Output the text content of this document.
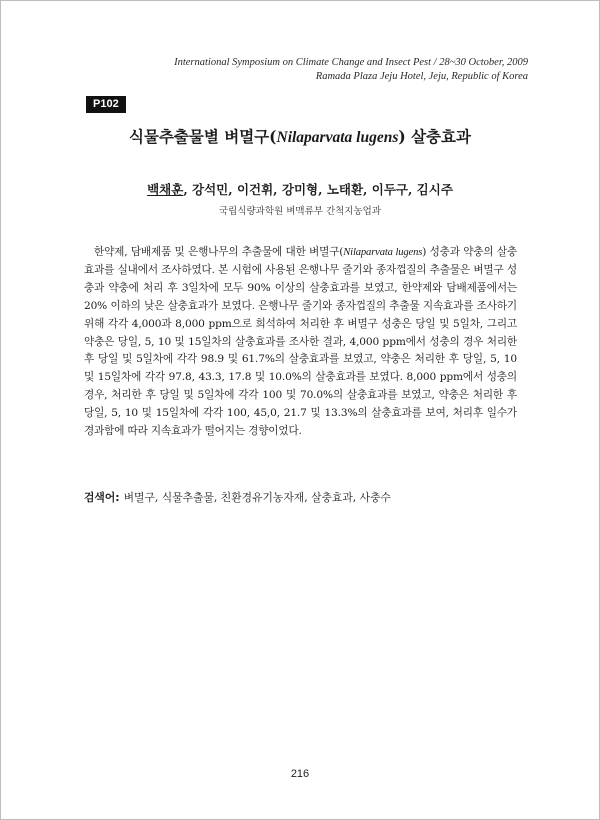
International Symposium on Climate Change and Insect Pest / 28~30 October, 2009
Ramada Plaza Jeju Hotel, Jeju, Republic of Korea
P102
식물추출물별 벼멸구(Nilaparvata lugens) 살충효과
백채훈, 강석민, 이건휘, 강미형, 노태환, 이두구, 김시주
국립식량과학원 벼맥류부 간척지농업과

한약제, 담배제품 및 은행나무의 추출물에 대한 벼멸구(Nilaparvata lugens) 성충과 약충의 살충효과를 실내에서 조사하였다. 본 시험에 사용된 은행나무 줄기와 종자껍질의 추출물은 벼멸구 성충과 약충에 처리 후 3일차에 모두 90% 이상의 살충효과를 보였고, 한약제와 담배제품에서는 20% 이하의 낮은 살충효과가 보였다. 은행나무 줄기와 종자껍질의 추출물 지속효과를 조사하기 위해 각각 4,000과 8,000 ppm으로 희석하여 처리한 후 벼멸구 성충은 당일 및 5일차, 그리고 약충은 당일, 5, 10 및 15일차의 살충효과를 조사한 결과, 4,000 ppm에서 성충의 경우 처리한 후 당일 및 5일차에 각각 98.9 및 61.7%의 살충효과를 보였고, 약충은 처리한 후 당일, 5, 10 및 15일차에 각각 97.8, 43.3, 17.8 및 10.0%의 살충효과를 보였다. 8,000 ppm에서 성충의 경우, 처리한 후 당일 및 5일차에 각각 100 및 70.0%의 살충효과를 보였고, 약충은 처리한 후 당일, 5, 10 및 15일차에 각각 100, 45,0, 21.7 및 13.3%의 살충효과를 보여, 처리후 일수가 경과함에 따라 지속효과가 떨어지는 경향이었다.

검색어: 벼멸구, 식물추출물, 친환경유기농자재, 살충효과, 사충수
216
